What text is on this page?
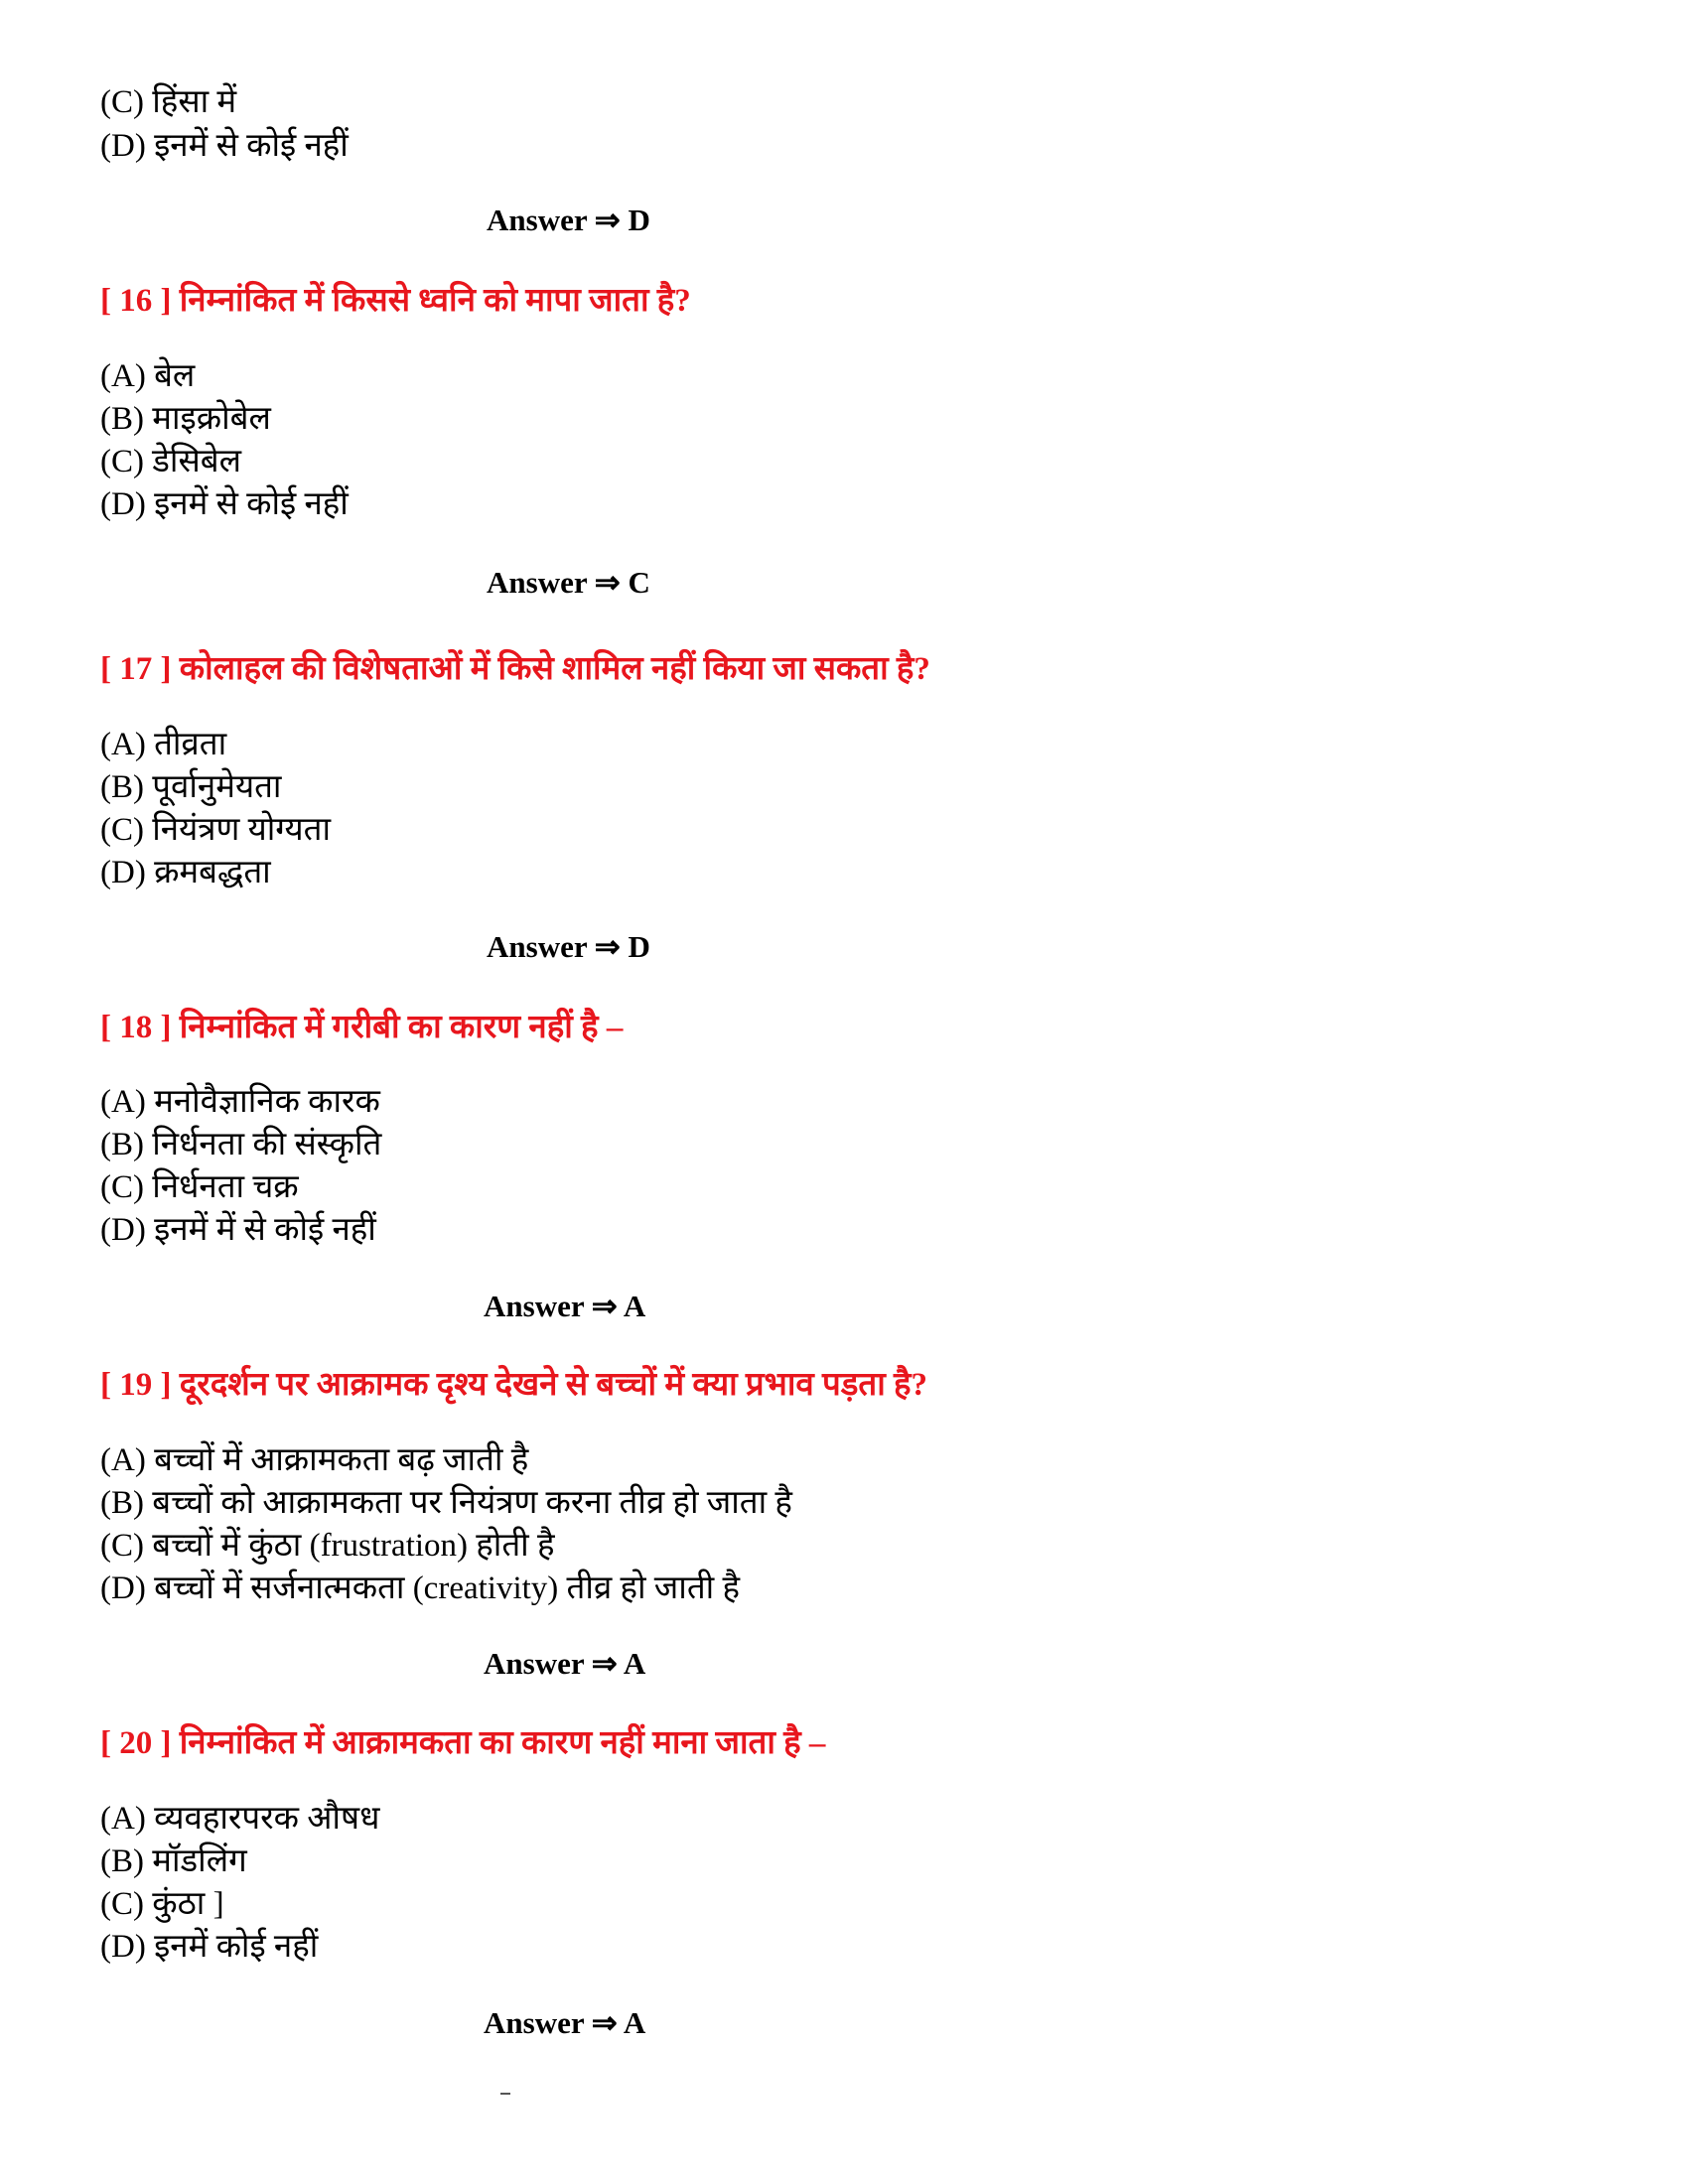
(C) हिंसा में
(D) इनमें से कोई नहीं
Answer ⇒ D
[ 16 ] निम्नांकित में किससे ध्वनि को मापा जाता है?
(A) बेल
(B) माइक्रोबेल
(C) डेसिबेल
(D) इनमें से कोई नहीं
Answer ⇒ C
[ 17 ] कोलाहल की विशेषताओं में किसे शामिल नहीं किया जा सकता है?
(A) तीव्रता
(B) पूर्वानुमेयता
(C) नियंत्रण योग्यता
(D) क्रमबद्धता
Answer ⇒ D
[ 18 ] निम्नांकित में गरीबी का कारण नहीं है –
(A) मनोवैज्ञानिक कारक
(B) निर्धनता की संस्कृति
(C) निर्धनता चक्र
(D) इनमें में से कोई नहीं
Answer ⇒ A
[ 19 ] दूरदर्शन पर आक्रामक दृश्य देखने से बच्चों में क्या प्रभाव पड़ता है?
(A) बच्चों में आक्रामकता बढ़ जाती है
(B) बच्चों को आक्रामकता पर नियंत्रण करना तीव्र हो जाता है
(C) बच्चों में कुंठा (frustration) होती है
(D) बच्चों में सर्जनात्मकता (creativity) तीव्र हो जाती है
Answer ⇒ A
[ 20 ] निम्नांकित में आक्रामकता का कारण नहीं माना जाता है –
(A) व्यवहारपरक औषध
(B) मॉडलिंग
(C) कुंठा ]
(D) इनमें कोई नहीं
Answer ⇒ A
